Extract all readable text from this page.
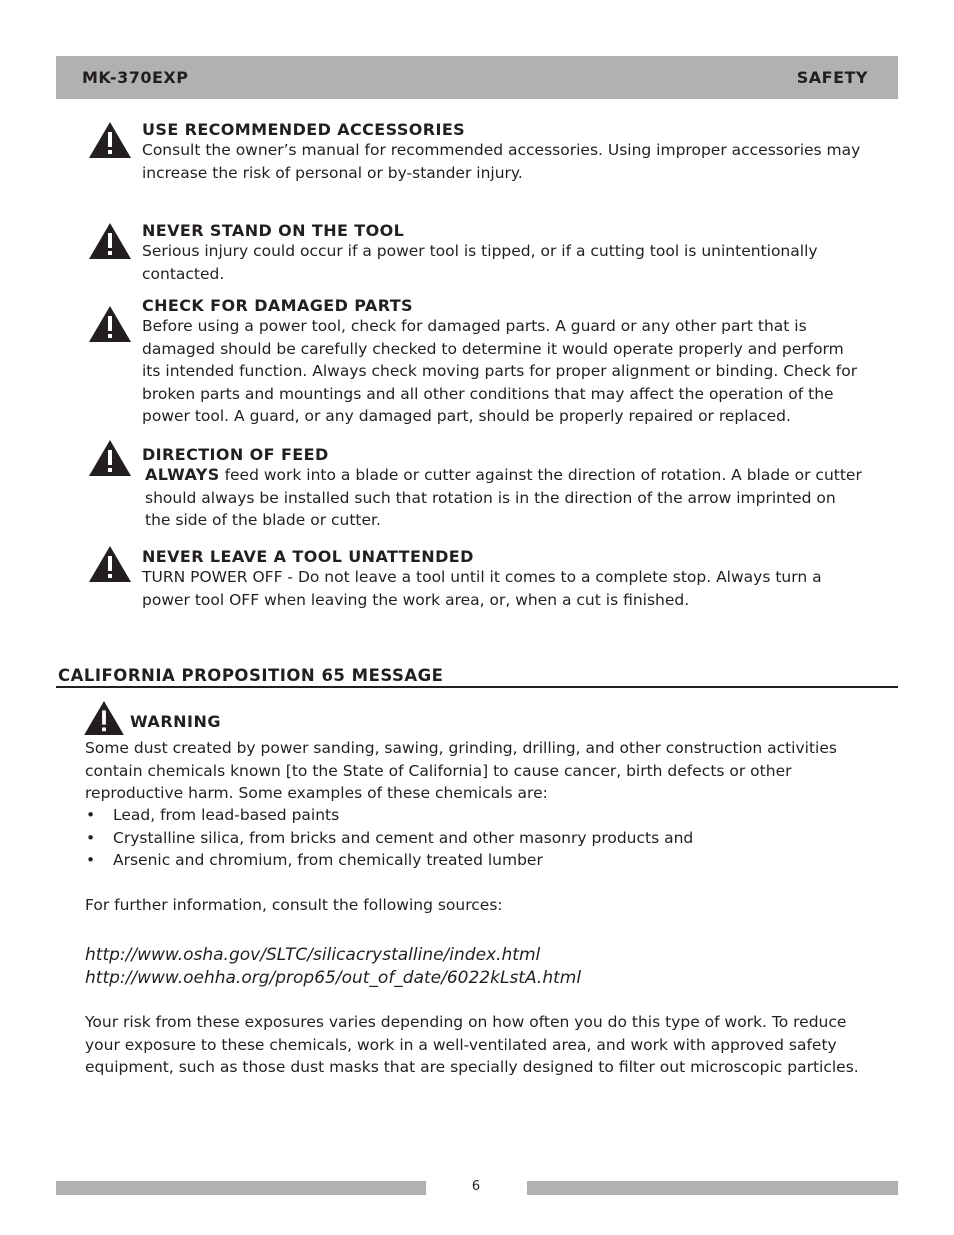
MK-370EXP	SAFETY
USE RECOMMENDED ACCESSORIES

Consult the owner’s manual for recommended accessories. Using improper accessories may increase the risk of personal or by-stander injury.

NEVER STAND ON THE TOOL

Serious injury could occur if a power tool is tipped, or if a cutting tool is unintentionally contacted.

CHECK FOR DAMAGED PARTS

Before using a power tool, check for damaged parts. A guard or any other part that is damaged should be carefully checked to determine it would operate properly and perform its intended function. Always check moving parts for proper alignment or binding. Check for broken parts and mountings and all other conditions that may affect the operation of the power tool. A guard, or any damaged part, should be properly repaired or replaced.

DIRECTION OF FEED

ALWAYS feed work into a blade or cutter against the direction of rotation. A blade or cutter should always be installed such that rotation is in the direction of the arrow imprinted on the side of the blade or cutter.

NEVER LEAVE A TOOL UNATTENDED

TURN POWER OFF - Do not leave a tool until it comes to a complete stop. Always turn a power tool OFF when leaving the work area, or, when a cut is finished.

CALIFORNIA PROPOSITION 65 MESSAGE
WARNING

Some dust created by power sanding, sawing, grinding, drilling, and other construction activities contain chemicals known [to the State of California] to cause cancer, birth defects or other reproductive harm. Some examples of these chemicals are:

• Lead, from lead-based paints
• Crystalline silica, from bricks and cement and other masonry products and
• Arsenic and chromium, from chemically treated lumber

For further information, consult the following sources:

http://www.osha.gov/SLTC/silicacrystalline/index.html
http://www.oehha.org/prop65/out_of_date/6022kLstA.html

Your risk from these exposures varies depending on how often you do this type of work. To reduce your exposure to these chemicals, work in a well-ventilated area, and work with approved safety equipment, such as those dust masks that are specially designed to filter out microscopic particles.

6
